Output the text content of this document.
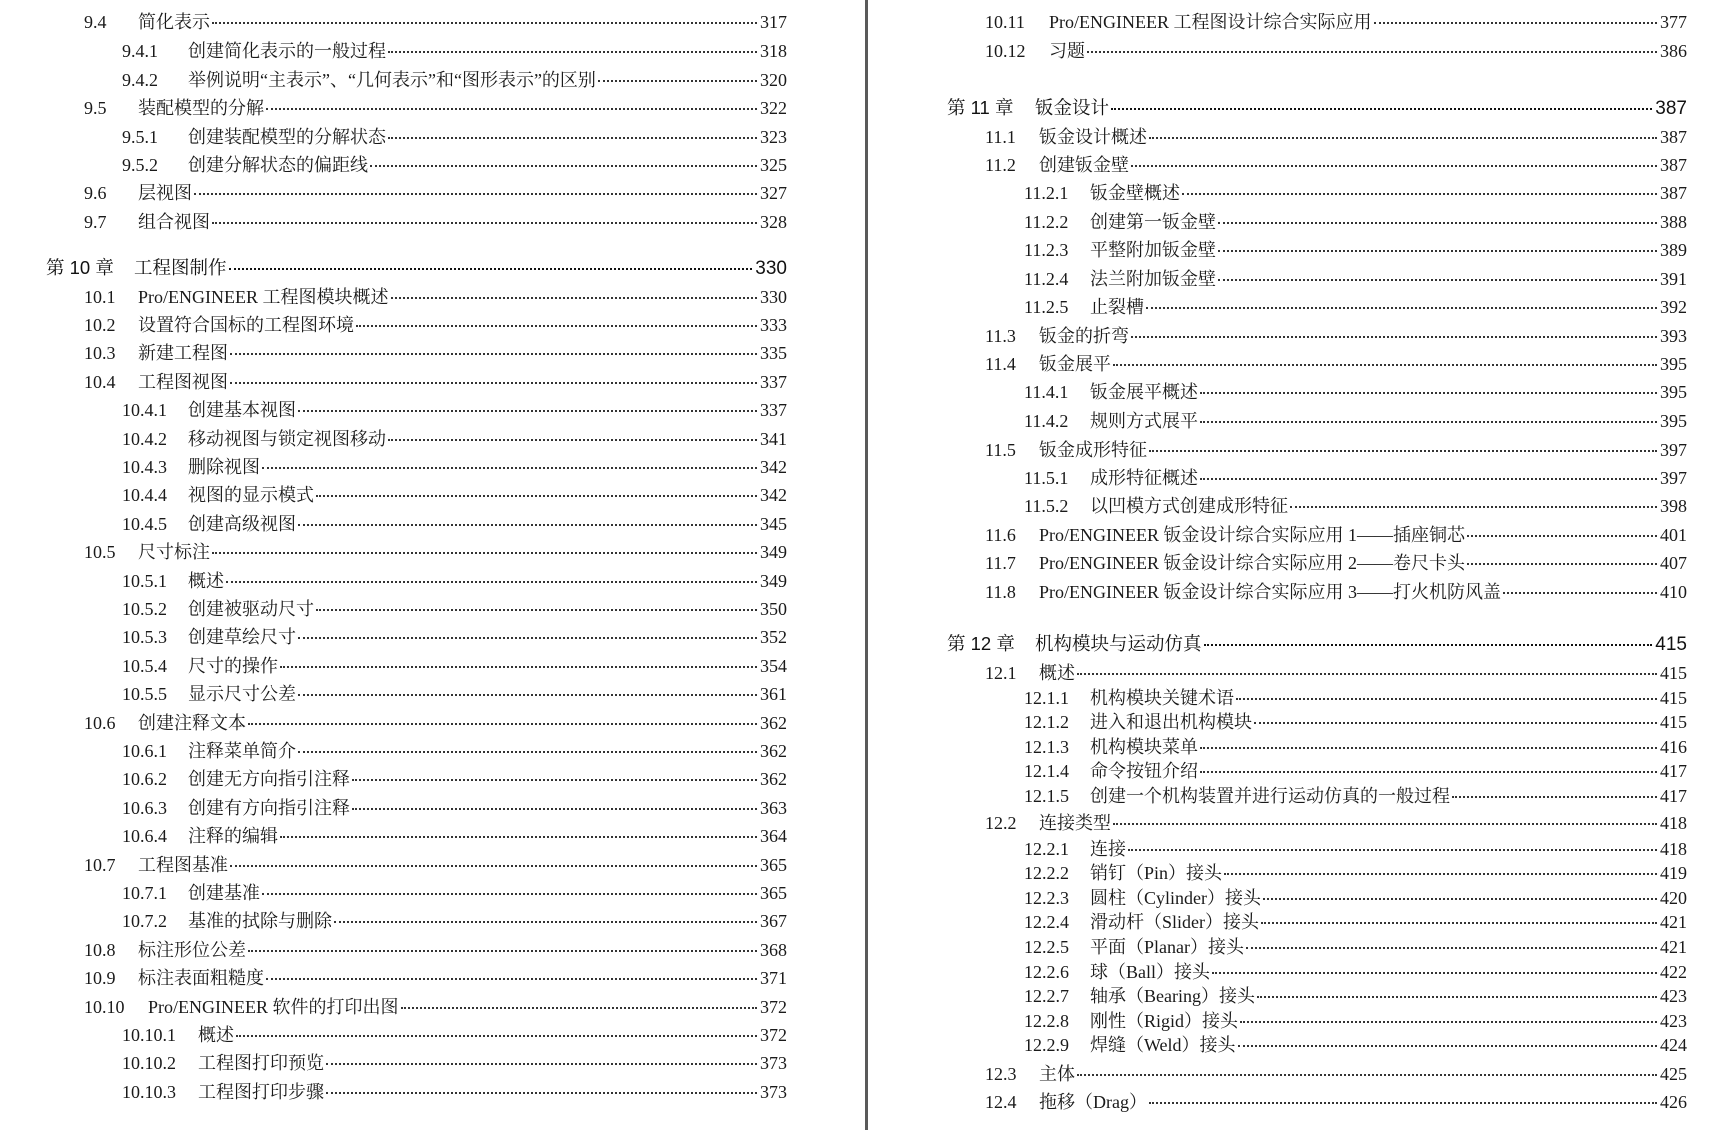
9.4	简化表示	317
9.4.1	创建简化表示的一般过程	318
9.4.2	举例说明“主表示”、“几何表示”和“图形表示”的区别	320
9.5	装配模型的分解	322
9.5.1	创建装配模型的分解状态	323
9.5.2	创建分解状态的偏距线	325
9.6	层视图	327
9.7	组合视图	328
第 10 章	工程图制作	330
10.1	Pro/ENGINEER 工程图模块概述	330
10.2	设置符合国标的工程图环境	333
10.3	新建工程图	335
10.4	工程图视图	337
10.4.1	创建基本视图	337
10.4.2	移动视图与锁定视图移动	341
10.4.3	删除视图	342
10.4.4	视图的显示模式	342
10.4.5	创建高级视图	345
10.5	尺寸标注	349
10.5.1	概述	349
10.5.2	创建被驱动尺寸	350
10.5.3	创建草绘尺寸	352
10.5.4	尺寸的操作	354
10.5.5	显示尺寸公差	361
10.6	创建注释文本	362
10.6.1	注释菜单简介	362
10.6.2	创建无方向指引注释	362
10.6.3	创建有方向指引注释	363
10.6.4	注释的编辑	364
10.7	工程图基准	365
10.7.1	创建基准	365
10.7.2	基准的拭除与删除	367
10.8	标注形位公差	368
10.9	标注表面粗糙度	371
10.10	Pro/ENGINEER 软件的打印出图	372
10.10.1	概述	372
10.10.2	工程图打印预览	373
10.10.3	工程图打印步骤	373
10.11	Pro/ENGINEER 工程图设计综合实际应用	377
10.12	习题	386
第 11 章	钣金设计	387
11.1	钣金设计概述	387
11.2	创建钣金壁	387
11.2.1	钣金壁概述	387
11.2.2	创建第一钣金壁	388
11.2.3	平整附加钣金壁	389
11.2.4	法兰附加钣金壁	391
11.2.5	止裂槽	392
11.3	钣金的折弯	393
11.4	钣金展平	395
11.4.1	钣金展平概述	395
11.4.2	规则方式展平	395
11.5	钣金成形特征	397
11.5.1	成形特征概述	397
11.5.2	以凹模方式创建成形特征	398
11.6	Pro/ENGINEER 钣金设计综合实际应用 1——插座铜芯	401
11.7	Pro/ENGINEER 钣金设计综合实际应用 2——卷尺卡头	407
11.8	Pro/ENGINEER 钣金设计综合实际应用 3——打火机防风盖	410
第 12 章	机构模块与运动仿真	415
12.1	概述	415
12.1.1	机构模块关键术语	415
12.1.2	进入和退出机构模块	415
12.1.3	机构模块菜单	416
12.1.4	命令按钮介绍	417
12.1.5	创建一个机构装置并进行运动仿真的一般过程	417
12.2	连接类型	418
12.2.1	连接	418
12.2.2	销钉（Pin）接头	419
12.2.3	圆柱（Cylinder）接头	420
12.2.4	滑动杆（Slider）接头	421
12.2.5	平面（Planar）接头	421
12.2.6	球（Ball）接头	422
12.2.7	轴承（Bearing）接头	423
12.2.8	刚性（Rigid）接头	423
12.2.9	焊缝（Weld）接头	424
12.3	主体	425
12.4	拖移（Drag）	426
